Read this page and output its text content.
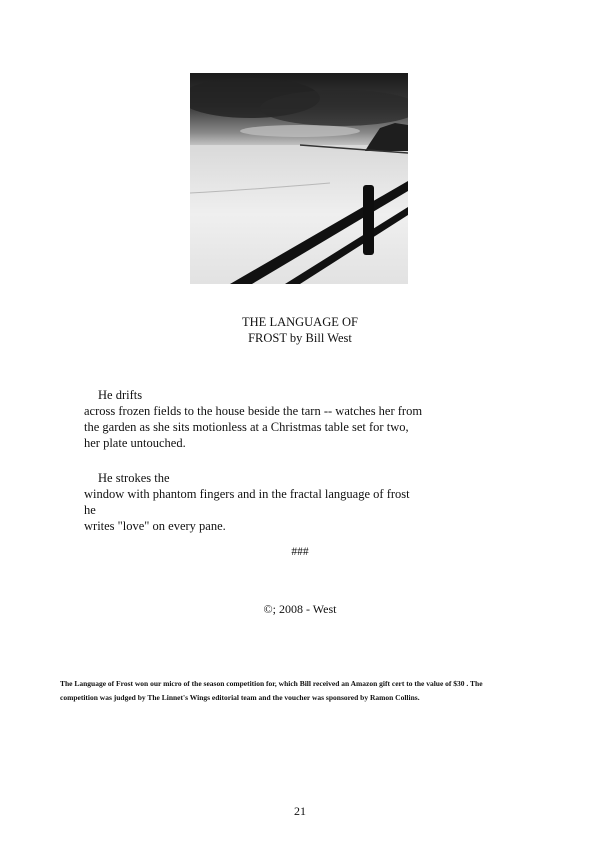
THE LANGUAGE OF
FROST by Bill West
He drifts
across frozen fields to the house beside the tarn -- watches her from
the garden as she sits motionless at a Christmas table set for two,
her plate untouched.
He strokes the
window with phantom fingers and in the fractal language of frost he
writes "love" on every pane.
###
©; 2008 - West
The Language of Frost won our micro of the season competition for, which Bill received an Amazon gift cert to the value of $30 . The
competition was judged by The Linnet's Wings editorial team and the voucher was sponsored by Ramon Collins.
21
